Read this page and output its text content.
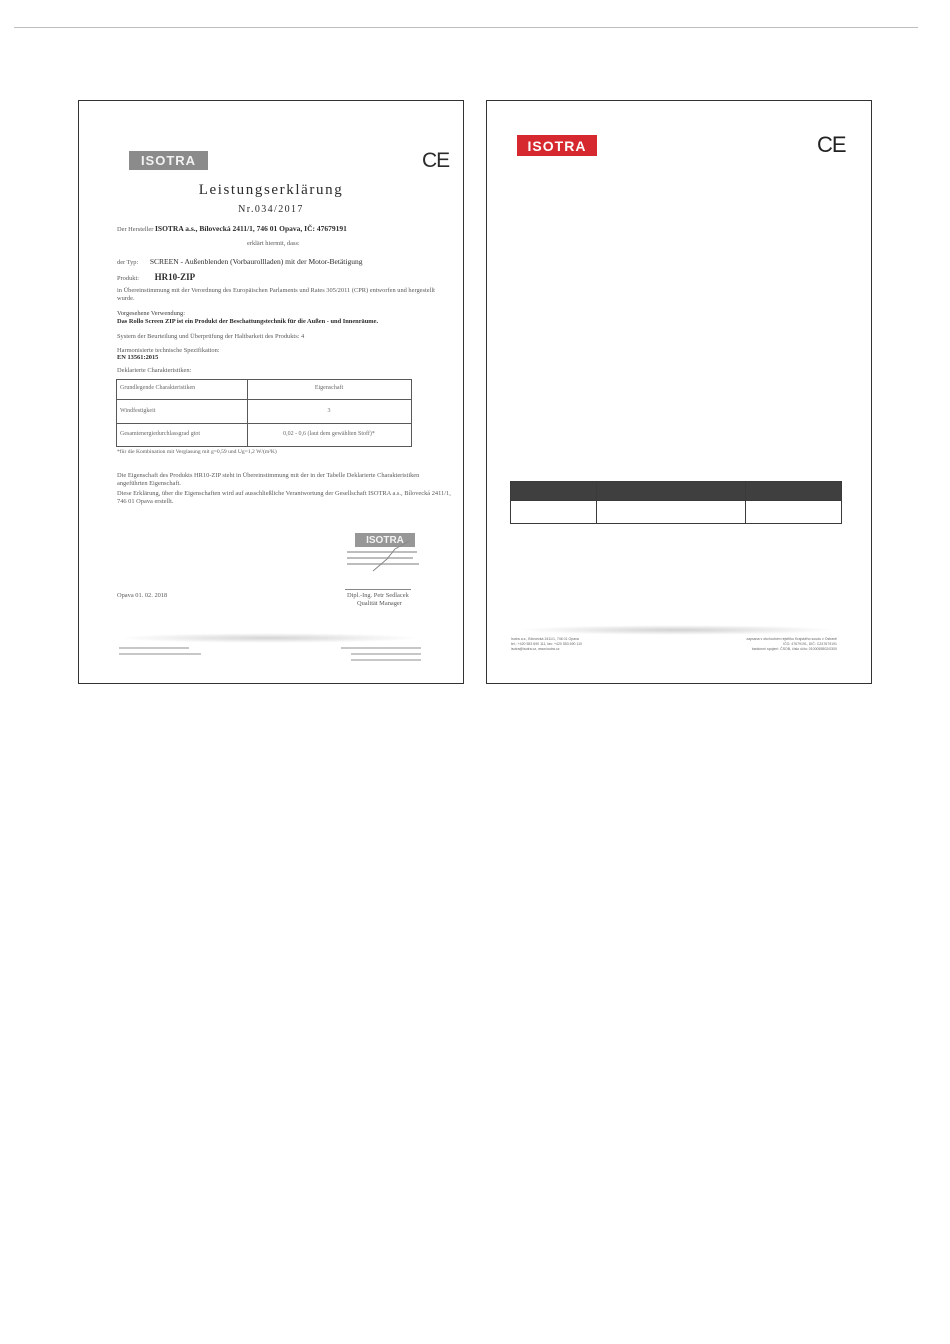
ISOTRA	CE
Leistungserklärung
Nr.034/2017
Der Hersteller ISOTRA a.s., Bílovecká 2411/1, 746 01 Opava, IČ: 47679191
erklärt hiermit, dass:
der Typ: SCREEN - Außenblenden (Vorbaurollladen) mit der Motor-Betätigung
Produkt: HR10-ZIP
in Übereinstimmung mit der Verordnung des Europäischen Parlaments und Rates 305/2011 (CPR) entworfen und hergestellt
wurde.
Vorgesehene Verwendung:
Das Rollo Screen ZIP ist ein Produkt der Beschattungstechnik für die Außen - und Innenräume.
System der Beurteilung und Überprüfung der Haltbarkeit des Produkts: 4
Harmonisierte technische Spezifikation:
EN 13561:2015
Deklarierte Charakteristiken:
Grundlegende Charakteristiken	Eigenschaft
Windfestigkeit	3
Gesamtenergiedurchlassgrad gtot	0,02 - 0,6 (laut dem gewählten Stoff)*
*für die Kombination mit Verglasung mit g=0,59 und Ug=1,2 W/(m²K)
Die Eigenschaft des Produkts HR10-ZIP steht in Übereinstimmung mit der in der Tabelle Deklarierte Charakteristiken
angeführten Eigenschaft.
Diese Erklärung, über die Eigenschaften wird auf ausschließliche Verantwortung der Gesellschaft ISOTRA a.s., Bílovecká 2411/1,
746 01 Opava erstellt.
ISOTRA
Opava 01. 02. 2018	Dipl.-Ing. Petr Sedlacek
Qualität Manager
ISOTRA	CE

Isotra a.s., Bílovecká 2411/1, 746 01 Opava
tel.: +420 553 690 111, fax: +420 553 690 110
isotra@isotra.cz, www.isotra.cz
zapsána v obchodním rejstříku Krajského soudu v Ostravě
IČO: 47679191, DIČ: CZ47679191
bankovní spojení: ČSOB, číslo účtu: 0100055502/0300
